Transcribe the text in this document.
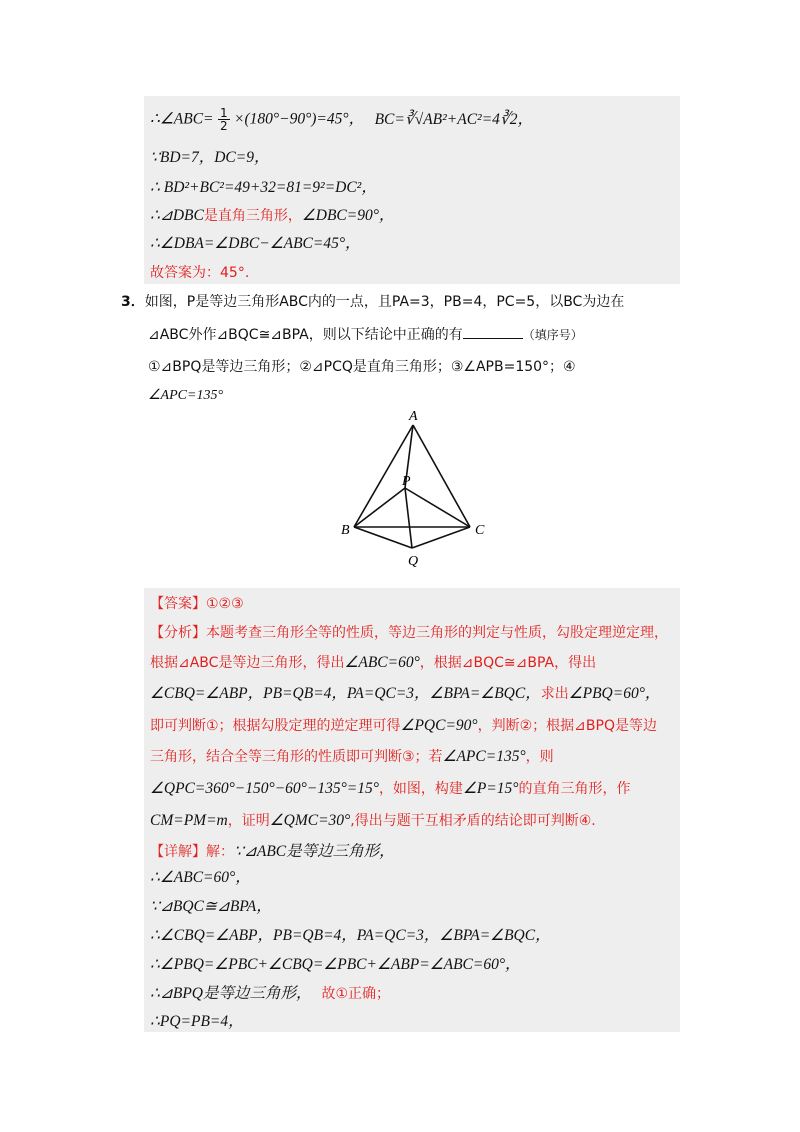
∴∠ABC= $\frac{1}{2} \times(180^\circ-90^\circ)=45^\circ$， BC=∛√AB²+AC²=4∛2，
∵BD=7，DC=9，
∴ BD²+BC²=49+32=81=9²=DC²，
∴⊿DBC是直角三角形，∠DBC=90°，
∴∠DBA=∠DBC−∠ABC=45°，
故答案为：45°.
3．如图，P是等边三角形ABC内的一点，且PA=3，PB=4，PC=5，以BC为边在
⊿ABC外作⊿BQC≅⊿BPA，则以下结论中正确的有	（填序号）
①⊿BPQ是等边三角形；②⊿PCQ是直角三角形；③∠APB=150°；④
∠APC=135°
A
B	C
P
Q
【答案】①②③
【分析】本题考查三角形全等的性质，等边三角形的判定与性质，勾股定理逆定理，
根据⊿ABC是等边三角形，得出∠ABC=60°，根据⊿BQC≅⊿BPA，得出
∠CBQ=∠ABP，PB=QB=4，PA=QC=3，∠BPA=∠BQC，求出∠PBQ=60°，
即可判断①；根据勾股定理的逆定理可得∠PQC=90°，判断②；根据⊿BPQ是等边
三角形，结合全等三角形的性质即可判断③；若∠APC=135°，则
∠QPC=360°−150°−60°−135°=15°，如图，构建∠P=15°的直角三角形，作
CM=PM=m，证明∠QMC=30°,得出与题干互相矛盾的结论即可判断④.
【详解】解：∵⊿ABC是等边三角形，
∴∠ABC=60°，
∵⊿BQC≅⊿BPA，
∴∠CBQ=∠ABP，PB=QB=4，PA=QC=3，∠BPA=∠BQC，
∴∠PBQ=∠PBC+∠CBQ=∠PBC+∠ABP=∠ABC=60°，
∴⊿BPQ是等边三角形， 故①正确；
∴PQ=PB=4，
